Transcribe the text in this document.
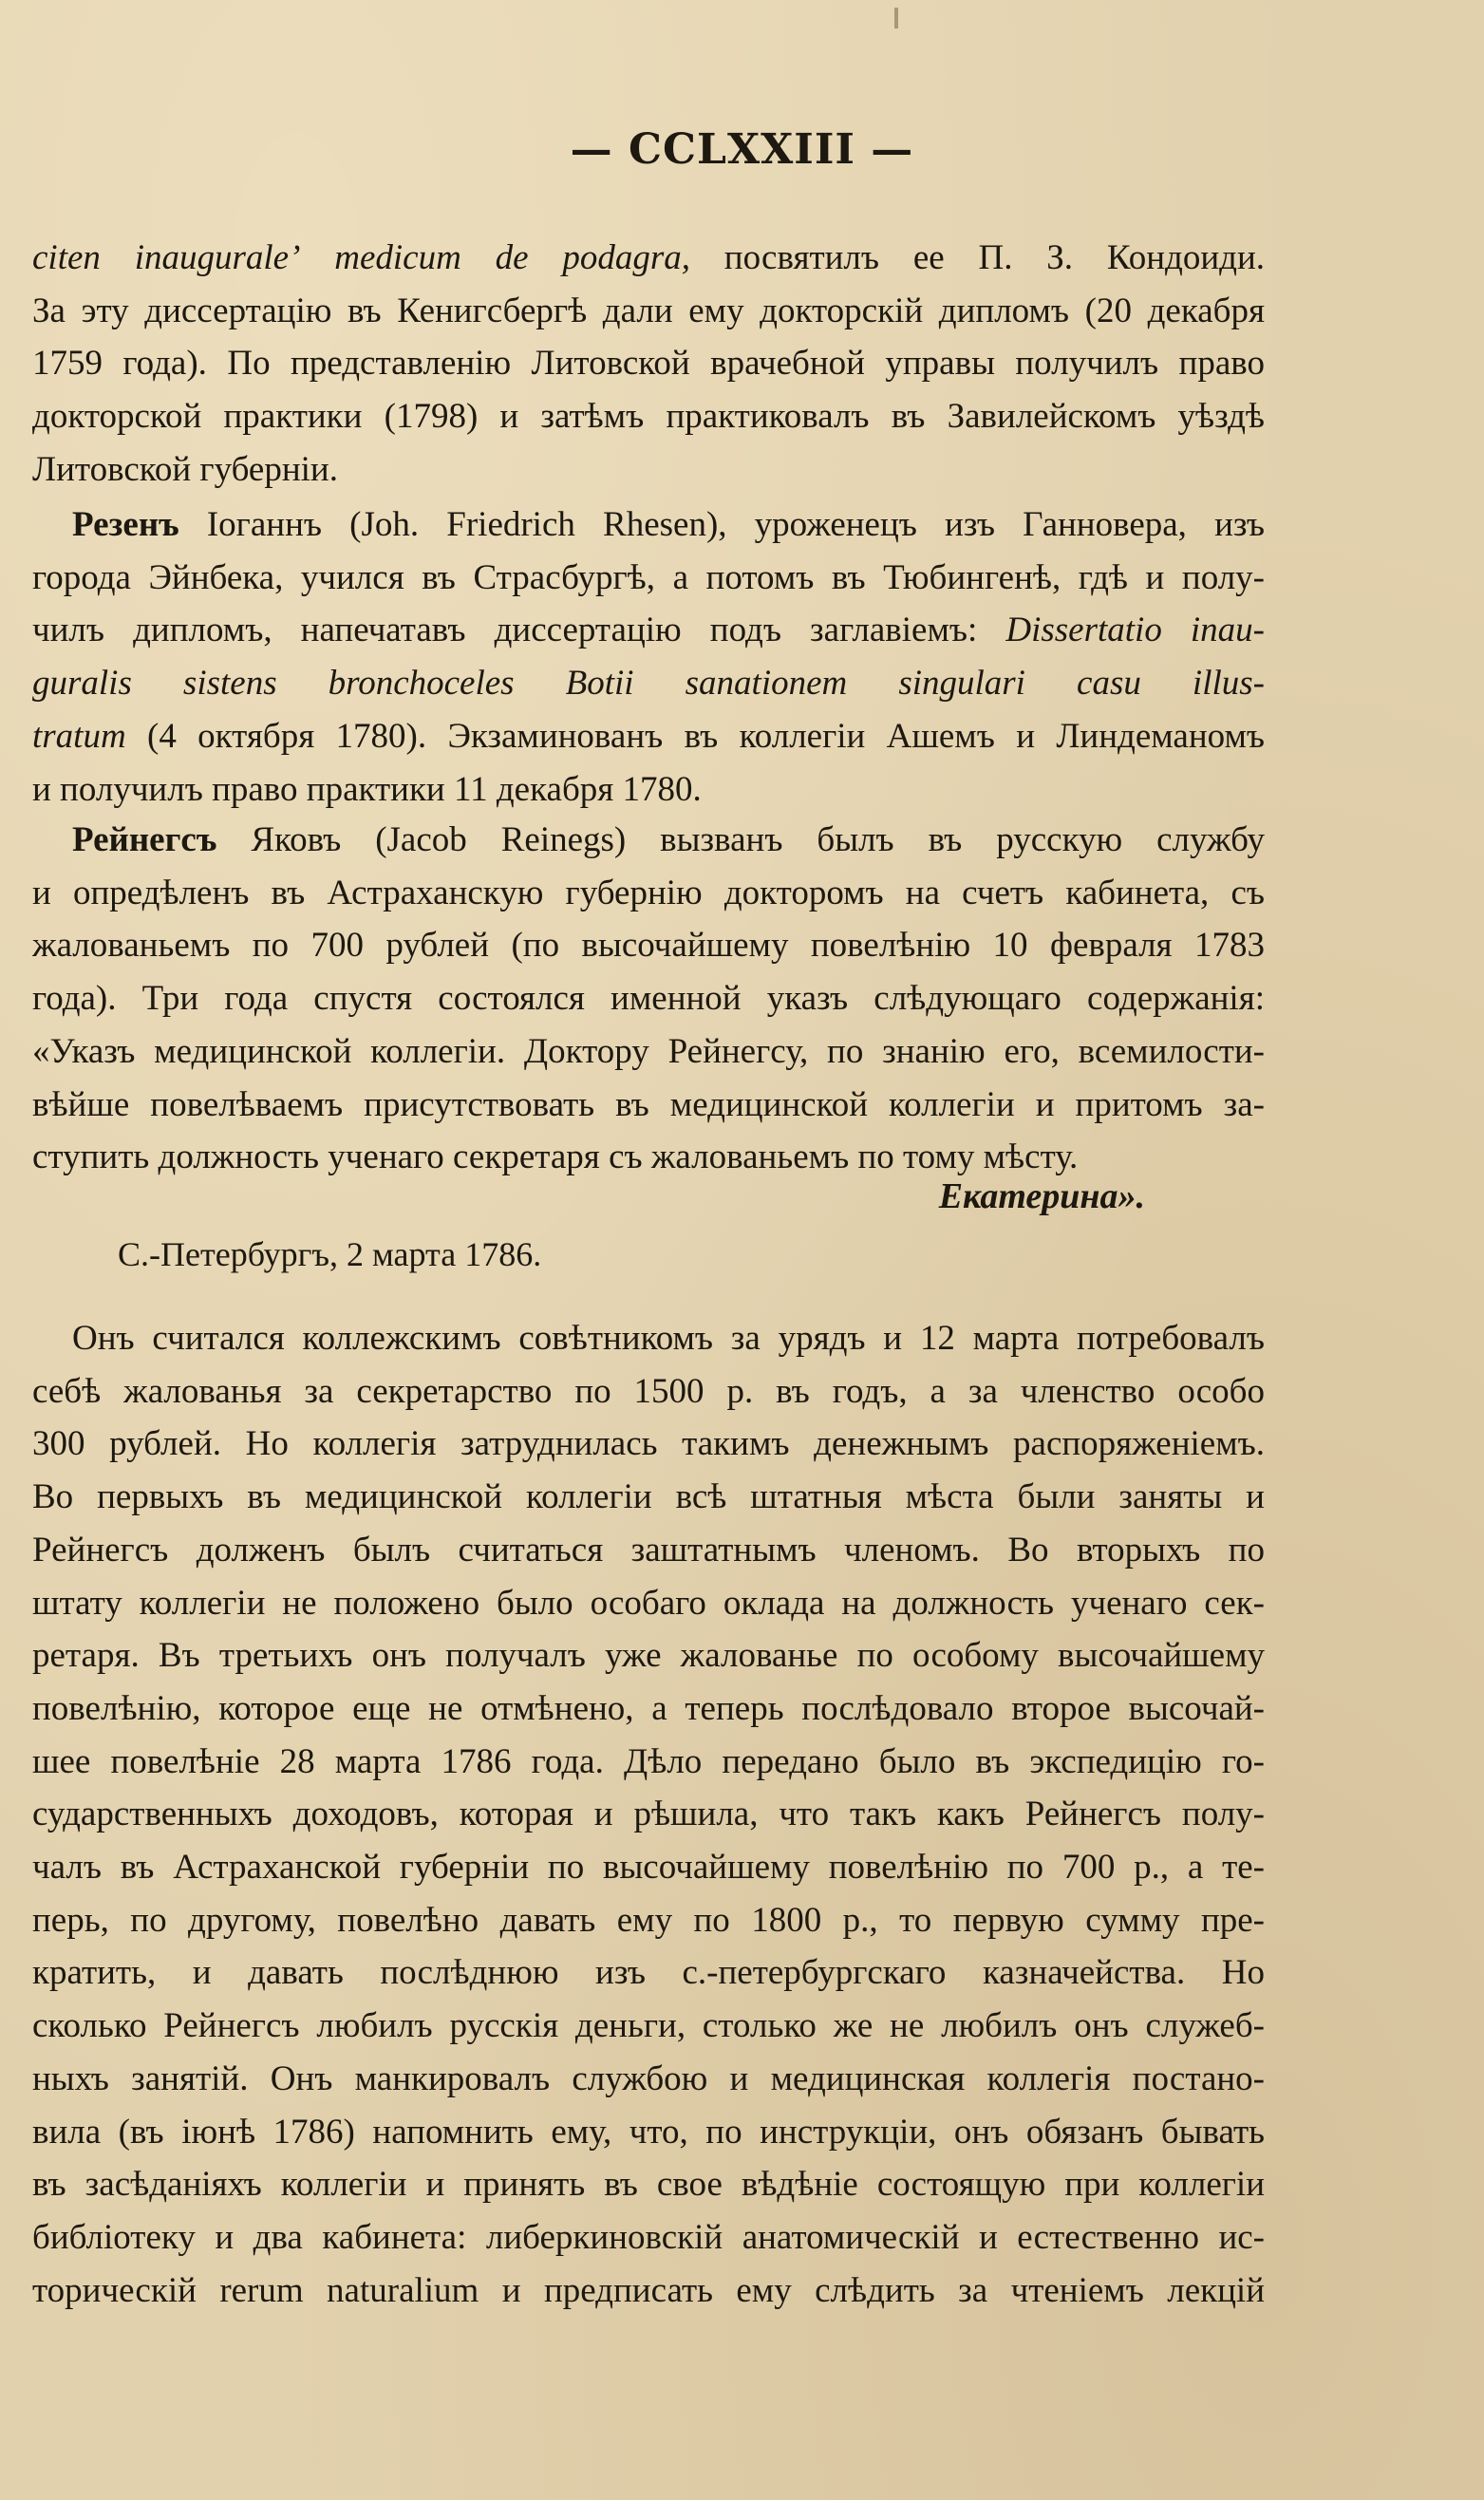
— CCLXXIII —
citen inauguraleʼ medicum de podagra, посвятилъ ее П. З. Кондоиди.
За эту диссертацію въ Кенигсбергѣ дали ему докторскій дипломъ (20 декабря
1759 года). По представленію Литовской врачебной управы получилъ право
докторской практики (1798) и затѣмъ практиковалъ въ Завилейскомъ уѣздѣ
Литовской губерніи.
Резенъ Іоганнъ (Joh. Friedrich Rhesen), уроженецъ изъ Ганновера, изъ
города Эйнбека, учился въ Страсбургѣ, а потомъ въ Тюбингенѣ, гдѣ и полу-
чилъ дипломъ, напечатавъ диссертацію подъ заглавіемъ: Dissertatio inau-
guralis sistens bronchoceles Botii sanationem singulari casu illus-
tratum (4 октября 1780). Экзаминованъ въ коллегіи Ашемъ и Линдеманомъ
и получилъ право практики 11 декабря 1780.
Рейнегсъ Яковъ (Jacob Reinegs) вызванъ былъ въ русскую службу
и опредѣленъ въ Астраханскую губернію докторомъ на счетъ кабинета, съ
жалованьемъ по 700 рублей (по высочайшему повелѣнію 10 февраля 1783
года). Три года спустя состоялся именной указъ слѣдующаго содержанія:
«Указъ медицинской коллегіи. Доктору Рейнегсу, по знанію его, всемилости-
вѣйше повелѣваемъ присутствовать въ медицинской коллегіи и притомъ за-
ступить должность ученаго секретаря съ жалованьемъ по тому мѣсту.
Екатерина».
С.-Петербургъ, 2 марта 1786.
Онъ считался коллежскимъ совѣтникомъ за урядъ и 12 марта потребовалъ
себѣ жалованья за секретарство по 1500 р. въ годъ, а за членство особо
300 рублей. Но коллегія затруднилась такимъ денежнымъ распоряженіемъ.
Во первыхъ въ медицинской коллегіи всѣ штатныя мѣста были заняты и
Рейнегсъ долженъ былъ считаться заштатнымъ членомъ. Во вторыхъ по
штату коллегіи не положено было особаго оклада на должность ученаго сек-
ретаря. Въ третьихъ онъ получалъ уже жалованье по особому высочайшему
повелѣнію, которое еще не отмѣнено, а теперь послѣдовало второе высочай-
шее повелѣніе 28 марта 1786 года. Дѣло передано было въ экспедицію го-
сударственныхъ доходовъ, которая и рѣшила, что такъ какъ Рейнегсъ полу-
чалъ въ Астраханской губерніи по высочайшему повелѣнію по 700 р., а те-
перь, по другому, повелѣно давать ему по 1800 р., то первую сумму пре-
кратить, и давать послѣднюю изъ с.-петербургскаго казначейства. Но
сколько Рейнегсъ любилъ русскія деньги, столько же не любилъ онъ служеб-
ныхъ занятій. Онъ манкировалъ службою и медицинская коллегія постано-
вила (въ іюнѣ 1786) напомнить ему, что, по инструкціи, онъ обязанъ бывать
въ засѣданіяхъ коллегіи и принять въ свое вѣдѣніе состоящую при коллегіи
библіотеку и два кабинета: либеркиновскій анатомическій и естественно ис-
торическій rerum naturalium и предписать ему слѣдить за чтеніемъ лекцій
